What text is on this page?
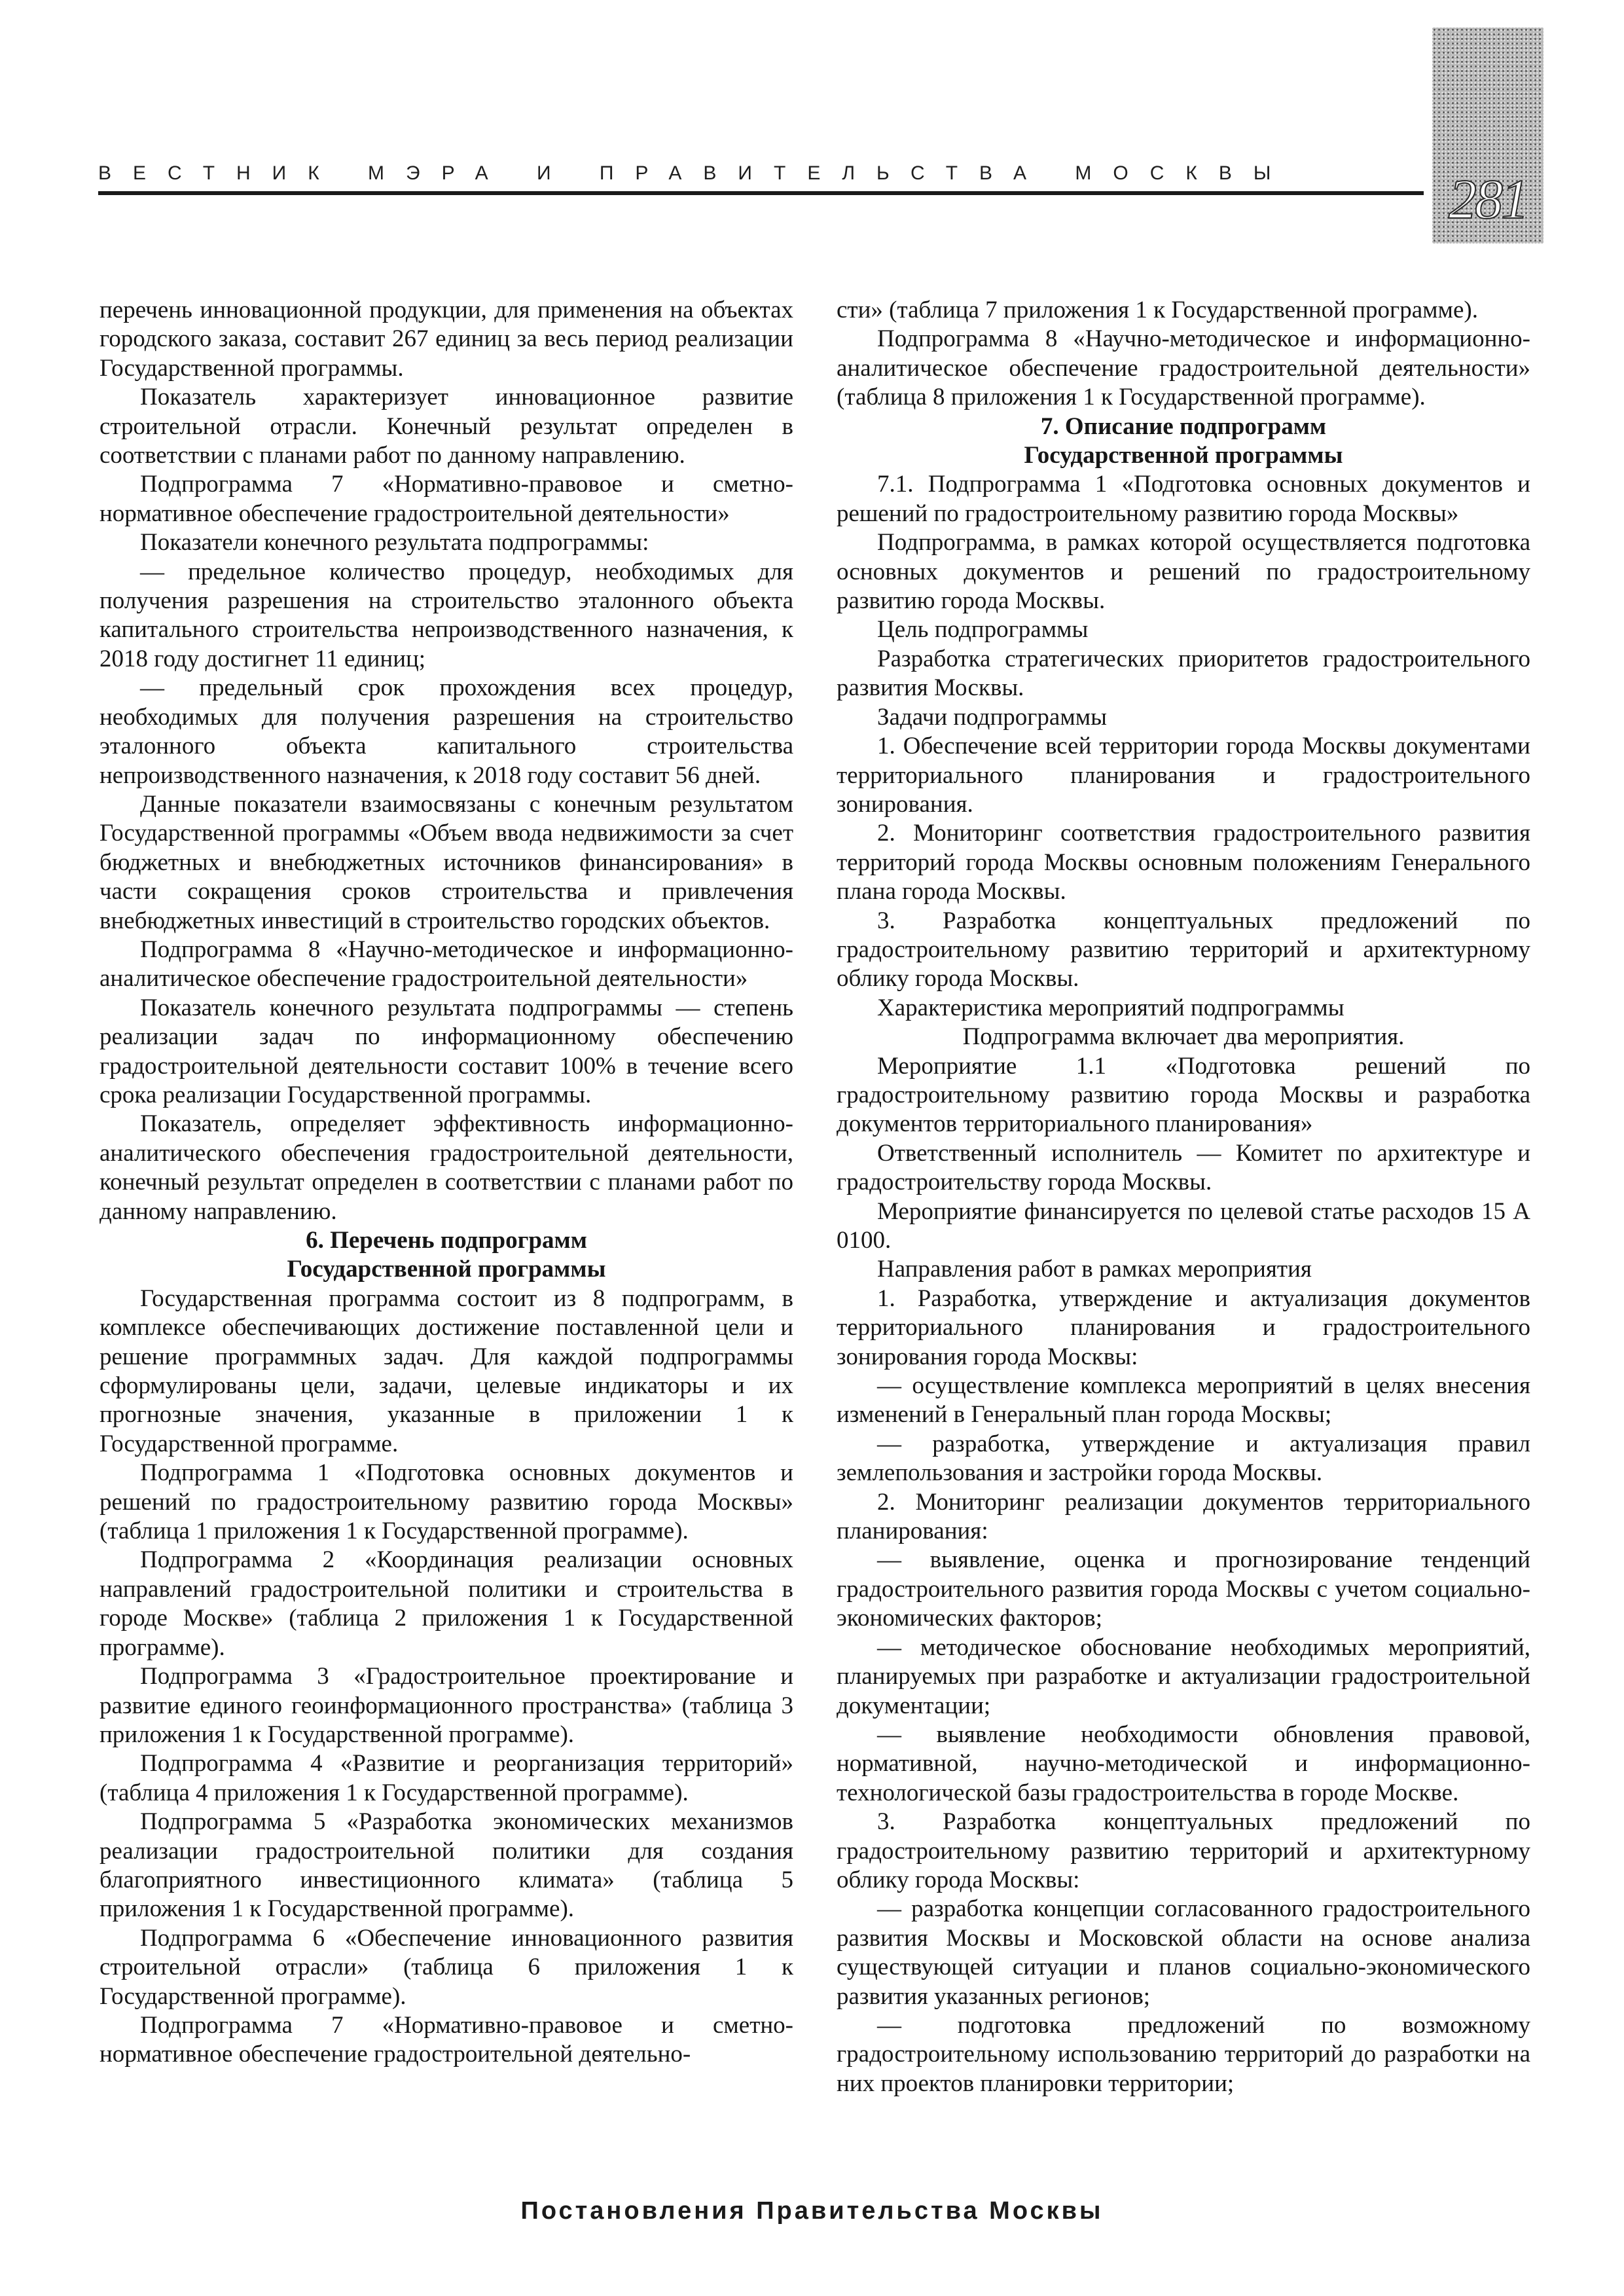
ВЕСТНИК МЭРА И ПРАВИТЕЛЬСТВА МОСКВЫ	281

перечень инновационной продукции, для применения на объектах городского заказа, составит 267 единиц за весь период реализации Государственной программы.

Показатель характеризует инновационное развитие строительной отрасли. Конечный результат определен в соответствии с планами работ по данному направлению.

Подпрограмма 7 «Нормативно-правовое и сметно-нормативное обеспечение градостроительной деятельности»

Показатели конечного результата подпрограммы:

— предельное количество процедур, необходимых для получения разрешения на строительство эталонного объекта капитального строительства непроизводственного назначения, к 2018 году достигнет 11 единиц;

— предельный срок прохождения всех процедур, необходимых для получения разрешения на строительство эталонного объекта капитального строительства непроизводственного назначения, к 2018 году составит 56 дней.

Данные показатели взаимосвязаны с конечным результатом Государственной программы «Объем ввода недвижимости за счет бюджетных и внебюджетных источников финансирования» в части сокращения сроков строительства и привлечения внебюджетных инвестиций в строительство городских объектов.

Подпрограмма 8 «Научно-методическое и информационно-аналитическое обеспечение градостроительной деятельности»

Показатель конечного результата подпрограммы — степень реализации задач по информационному обеспечению градостроительной деятельности составит 100% в течение всего срока реализации Государственной программы.

Показатель, определяет эффективность информационно-аналитического обеспечения градостроительной деятельности, конечный результат определен в соответствии с планами работ по данному направлению.

6. Перечень подпрограмм
Государственной программы

Государственная программа состоит из 8 подпрограмм, в комплексе обеспечивающих достижение поставленной цели и решение программных задач. Для каждой подпрограммы сформулированы цели, задачи, целевые индикаторы и их прогнозные значения, указанные в приложении 1 к Государственной программе.

Подпрограмма 1 «Подготовка основных документов и решений по градостроительному развитию города Москвы» (таблица 1 приложения 1 к Государственной программе).

Подпрограмма 2 «Координация реализации основных направлений градостроительной политики и строительства в городе Москве» (таблица 2 приложения 1 к Государственной программе).

Подпрограмма 3 «Градостроительное проектирование и развитие единого геоинформационного пространства» (таблица 3 приложения 1 к Государственной программе).

Подпрограмма 4 «Развитие и реорганизация территорий» (таблица 4 приложения 1 к Государственной программе).

Подпрограмма 5 «Разработка экономических механизмов реализации градостроительной политики для создания благоприятного инвестиционного климата» (таблица 5 приложения 1 к Государственной программе).

Подпрограмма 6 «Обеспечение инновационного развития строительной отрасли» (таблица 6 приложения 1 к Государственной программе).

Подпрограмма 7 «Нормативно-правовое и сметно-нормативное обеспечение градостроительной деятельно-

сти» (таблица 7 приложения 1 к Государственной программе).

Подпрограмма 8 «Научно-методическое и информационно-аналитическое обеспечение градостроительной деятельности» (таблица 8 приложения 1 к Государственной программе).

7. Описание подпрограмм
Государственной программы

7.1. Подпрограмма 1 «Подготовка основных документов и решений по градостроительному развитию города Москвы»

Подпрограмма, в рамках которой осуществляется подготовка основных документов и решений по градостроительному развитию города Москвы.

Цель подпрограммы

Разработка стратегических приоритетов градостроительного развития Москвы.

Задачи подпрограммы

1. Обеспечение всей территории города Москвы документами территориального планирования и градостроительного зонирования.

2. Мониторинг соответствия градостроительного развития территорий города Москвы основным положениям Генерального плана города Москвы.

3. Разработка концептуальных предложений по градостроительному развитию территорий и архитектурному облику города Москвы.

Характеристика мероприятий подпрограммы

Подпрограмма включает два мероприятия.

Мероприятие 1.1 «Подготовка решений по градостроительному развитию города Москвы и разработка документов территориального планирования»

Ответственный исполнитель — Комитет по архитектуре и градостроительству города Москвы.

Мероприятие финансируется по целевой статье расходов 15 А 0100.

Направления работ в рамках мероприятия

1. Разработка, утверждение и актуализация документов территориального планирования и градостроительного зонирования города Москвы:

— осуществление комплекса мероприятий в целях внесения изменений в Генеральный план города Москвы;

— разработка, утверждение и актуализация правил землепользования и застройки города Москвы.

2. Мониторинг реализации документов территориального планирования:

— выявление, оценка и прогнозирование тенденций градостроительного развития города Москвы с учетом социально-экономических факторов;

— методическое обоснование необходимых мероприятий, планируемых при разработке и актуализации градостроительной документации;

— выявление необходимости обновления правовой, нормативной, научно-методической и информационно-технологической базы градостроительства в городе Москве.

3. Разработка концептуальных предложений по градостроительному развитию территорий и архитектурному облику города Москвы:

— разработка концепции согласованного градостроительного развития Москвы и Московской области на основе анализа существующей ситуации и планов социально-экономического развития указанных регионов;

— подготовка предложений по возможному градостроительному использованию территорий до разработки на них проектов планировки территории;

Постановления Правительства Москвы
